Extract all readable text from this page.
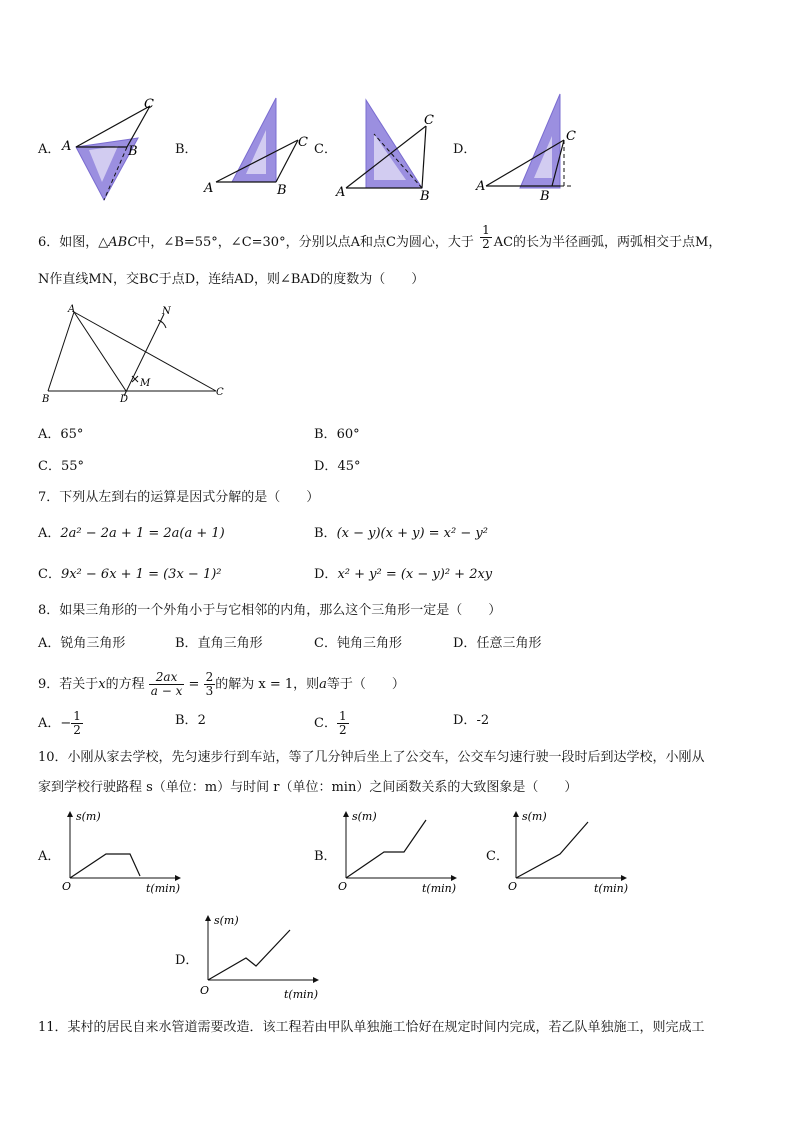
A． A	B
C
B．
A	B
C C．
A	B
C
D．
A
B
C
6．如图，△ABC中，∠B=55°，∠C=30°，分别以点A和点C为圆心，大于 $\frac{1}{2}$ AC的长为半径画弧，两弧相交于点M，
N作直线MN，交BC于点D，连结AD，则∠BAD的度数为（　　）
A
B
C
D
M
N
A．65°	B．60°
C．55°	D．45°
7．下列从左到右的运算是因式分解的是（　　）
A．2a² − 2a + 1 = 2a(a + 1)	B．(x − y)(x + y) = x² − y²
C．9x² − 6x + 1 = (3x − 1)²	D．x² + y² = (x − y)² + 2xy
8．如果三角形的一个外角小于与它相邻的内角，那么这个三角形一定是（　　）
A．锐角三角形	B．直角三角形	C．钝角三角形	D．任意三角形
9．若关于x的方程 $\frac{2ax}{a - x} = \frac{2}{3}$ 的解为 x = 1，则a等于（　　）
A．− $\frac{1}{2}$	B．2	C． $\frac{1}{2}$	D．-2
10．小刚从家去学校，先匀速步行到车站，等了几分钟后坐上了公交车，公交车匀速行驶一段时后到达学校，小刚从
家到学校行驶路程 s（单位：m）与时间 r（单位：min）之间函数关系的大致图象是（　　）
A．
s(m)
O	t(min)
B．
s(m)
O	t(min)
C．
s(m)
O	t(min)
D．
s(m)
O	t(min)
11．某村的居民自来水管道需要改造．该工程若由甲队单独施工恰好在规定时间内完成，若乙队单独施工，则完成工
